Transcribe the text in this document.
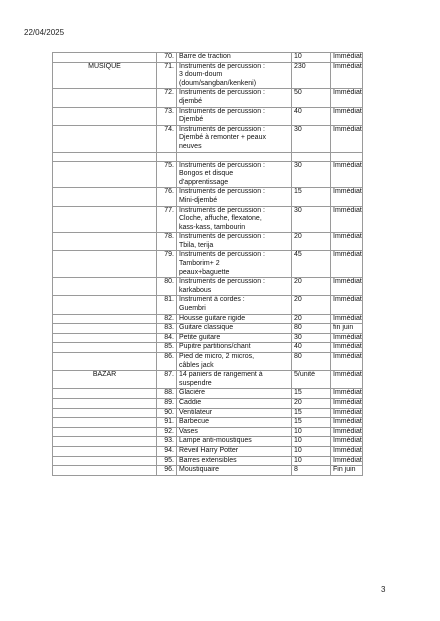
22/04/2025
	70.	Barre de traction	10	Immédiat
MUSIQUE	71.	Instruments de percussion :
3 doum-doum
(doum/sangban/kenkeni)	230	Immédiat
	72.	Instruments de percussion :
djembé	50	Immédiat
	73.	Instruments de percussion :
Djembé	40	Immédiat
	74.	Instruments de percussion :
Djembé à remonter + peaux
neuves	30	Immédiat

	75.	Instruments de percussion :
Bongos et disque
d'apprentissage	30	Immédiat
	76.	Instruments de percussion :
Mini-djembé	15	Immédiat
	77.	Instruments de percussion :
Cloche, affuche, flexatone,
kass-kass, tambourin	30	Immédiat
	78.	Instruments de percussion :
Tbila, terija	20	Immédiat
	79.	Instruments de percussion :
Tamborim+ 2
peaux+baguette	45	Immédiat
	80.	Instruments de percussion :
karkabous	20	Immédiat
	81.	Instrument à cordes :
Guembri	20	Immédiat
	82.	Housse guitare rigide	20	Immédiat
	83.	Guitare classique	80	fin juin
	84.	Petite guitare	30	Immédiat
	85.	Pupitre partitions/chant	40	Immédiat
	86.	Pied de micro, 2 micros,
câbles jack	80	Immédiat
BAZAR	87.	14 paniers de rangement à
suspendre	5/unité	Immédiat
	88.	Glacière	15	Immédiat
	89.	Caddie	20	Immédiat
	90.	Ventilateur	15	Immédiat
	91.	Barbecue	15	Immédiat
	92.	Vases	10	Immédiat
	93.	Lampe anti-moustiques	10	Immédiat
	94.	Réveil Harry Potter	10	Immédiat
	95.	Barres extensibles	10	Immédiat
	96.	Moustiquaire	8	Fin juin
3
